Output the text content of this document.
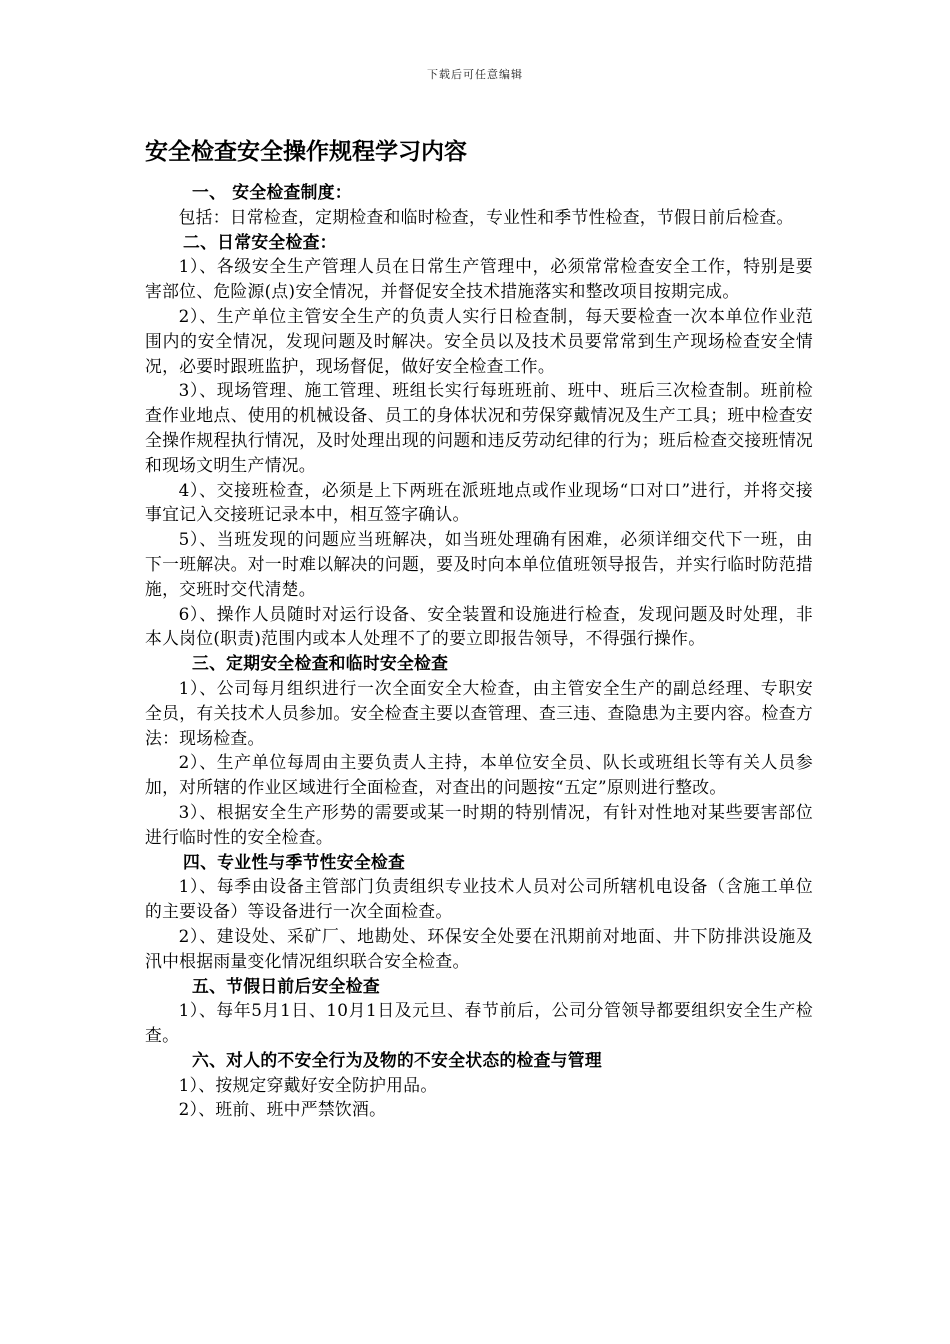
下载后可任意编辑
安全检查安全操作规程学习内容
一、 安全检查制度：

包括：日常检查，定期检查和临时检查，专业性和季节性检查，节假日前后检查。

二、日常安全检查：

1）、各级安全生产管理人员在日常生产管理中，必须常常检查安全工作，特别是要害部位、危险源(点)安全情况，并督促安全技术措施落实和整改项目按期完成。

2）、生产单位主管安全生产的负责人实行日检查制，每天要检查一次本单位作业范围内的安全情况，发现问题及时解决。安全员以及技术员要常常到生产现场检查安全情况，必要时跟班监护，现场督促，做好安全检查工作。

3）、现场管理、施工管理、班组长实行每班班前、班中、班后三次检查制。班前检查作业地点、使用的机械设备、员工的身体状况和劳保穿戴情况及生产工具；班中检查安全操作规程执行情况，及时处理出现的问题和违反劳动纪律的行为；班后检查交接班情况和现场文明生产情况。

4）、交接班检查，必须是上下两班在派班地点或作业现场“口对口”进行，并将交接事宜记入交接班记录本中，相互签字确认。

5）、当班发现的问题应当班解决，如当班处理确有困难，必须详细交代下一班，由下一班解决。对一时难以解决的问题，要及时向本单位值班领导报告，并实行临时防范措施，交班时交代清楚。

6）、操作人员随时对运行设备、安全装置和设施进行检查，发现问题及时处理，非本人岗位(职责)范围内或本人处理不了的要立即报告领导，不得强行操作。

三、定期安全检查和临时安全检查

1）、公司每月组织进行一次全面安全大检查，由主管安全生产的副总经理、专职安全员，有关技术人员参加。安全检查主要以查管理、查三违、查隐患为主要内容。检查方法：现场检查。

2）、生产单位每周由主要负责人主持，本单位安全员、队长或班组长等有关人员参加，对所辖的作业区域进行全面检查，对查出的问题按“五定”原则进行整改。

3）、根据安全生产形势的需要或某一时期的特别情况，有针对性地对某些要害部位进行临时性的安全检查。

四、专业性与季节性安全检查

1）、每季由设备主管部门负责组织专业技术人员对公司所辖机电设备（含施工单位的主要设备）等设备进行一次全面检查。

2）、建设处、采矿厂、地勘处、环保安全处要在汛期前对地面、井下防排洪设施及汛中根据雨量变化情况组织联合安全检查。

五、节假日前后安全检查

1）、每年5月1日、10月1日及元旦、春节前后，公司分管领导都要组织安全生产检查。

六、对人的不安全行为及物的不安全状态的检查与管理

1）、按规定穿戴好安全防护用品。

2）、班前、班中严禁饮酒。
